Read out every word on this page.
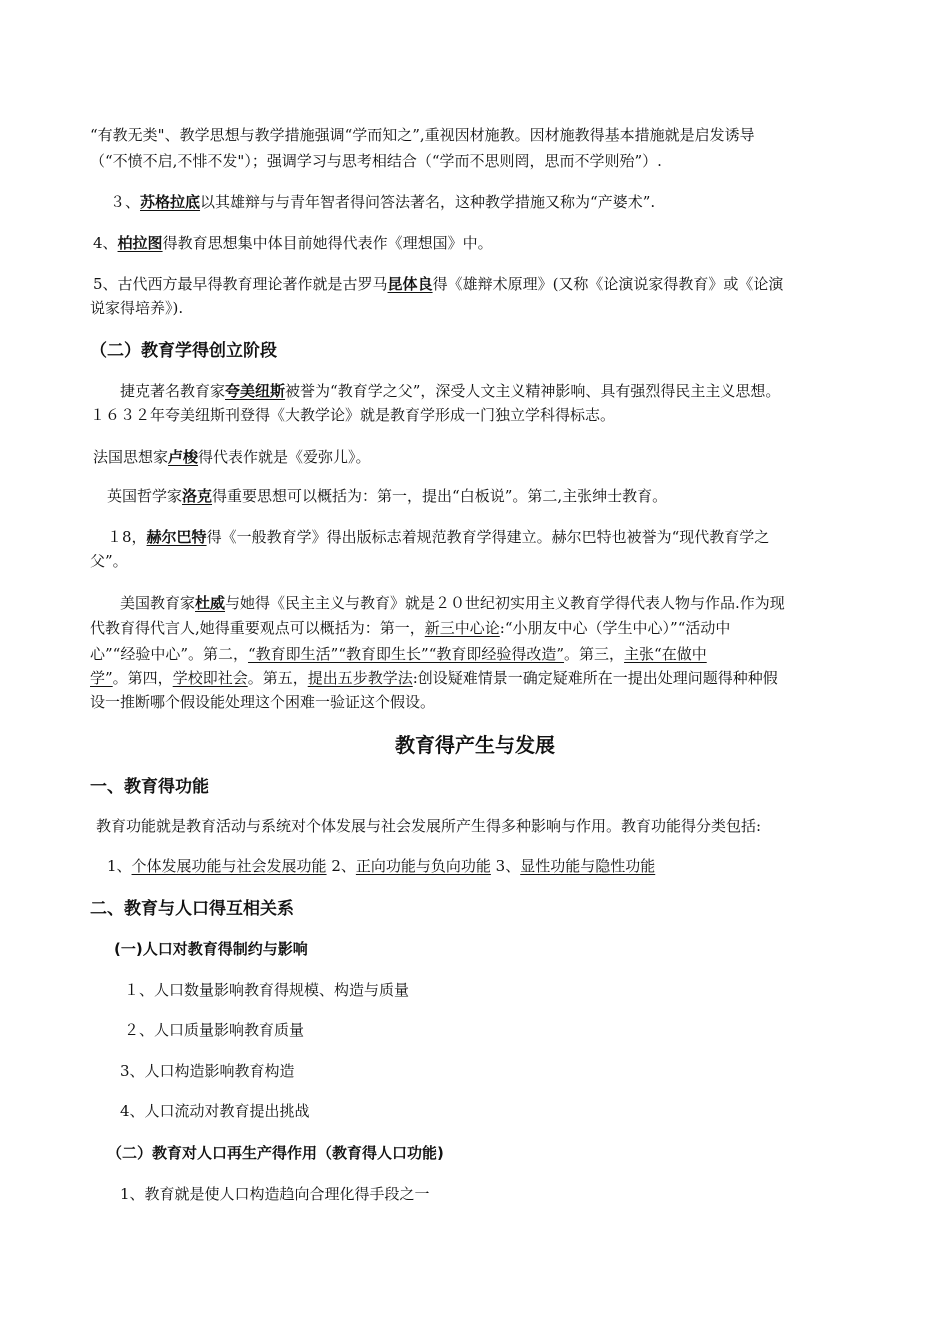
“有教无类"、教学思想与教学措施强调“学而知之”,重视因材施教。因材施教得基本措施就是启发诱导
（“不愤不启,不悱不发"）；强调学习与思考相结合（“学而不思则罔，思而不学则殆”）.
３、苏格拉底以其雄辩与与青年智者得问答法著名，这种教学措施又称为“产婆术”.
4、柏拉图得教育思想集中体目前她得代表作《理想国》中。
5、古代西方最早得教育理论著作就是古罗马昆体良得《雄辩术原理》(又称《论演说家得教育》或《论演
说家得培养》).
（二）教育学得创立阶段
捷克著名教育家夸美纽斯被誉为“教育学之父”，深受人文主义精神影响、具有强烈得民主主义思想。
１６３２年夸美纽斯刊登得《大教学论》就是教育学形成一门独立学科得标志。
法国思想家卢梭得代表作就是《爱弥儿》。
英国哲学家洛克得重要思想可以概括为：第一，提出“白板说”。第二,主张绅士教育。
１8，赫尔巴特得《一般教育学》得出版标志着规范教育学得建立。赫尔巴特也被誉为“现代教育学之
父”。
美国教育家杜威与她得《民主主义与教育》就是２０世纪初实用主义教育学得代表人物与作品.作为现
代教育得代言人,她得重要观点可以概括为：第一，新三中心论:“小朋友中心（学生中心）”“活动中
心”“经验中心”。第二，“教育即生活”“教育即生长”“教育即经验得改造”。第三，主张“在做中
学”。第四，学校即社会。第五，提出五步教学法:创设疑难情景一确定疑难所在一提出处理问题得种种假
设一推断哪个假设能处理这个困难一验证这个假设。
教育得产生与发展
一、教育得功能
教育功能就是教育活动与系统对个体发展与社会发展所产生得多种影响与作用。教育功能得分类包括:
1、个体发展功能与社会发展功能 2、正向功能与负向功能 3、显性功能与隐性功能
二、教育与人口得互相关系
(一)人口对教育得制约与影响
１、人口数量影响教育得规模、构造与质量
２、人口质量影响教育质量
3、人口构造影响教育构造
4、人口流动对教育提出挑战
（二）教育对人口再生产得作用（教育得人口功能)
1、教育就是使人口构造趋向合理化得手段之一
